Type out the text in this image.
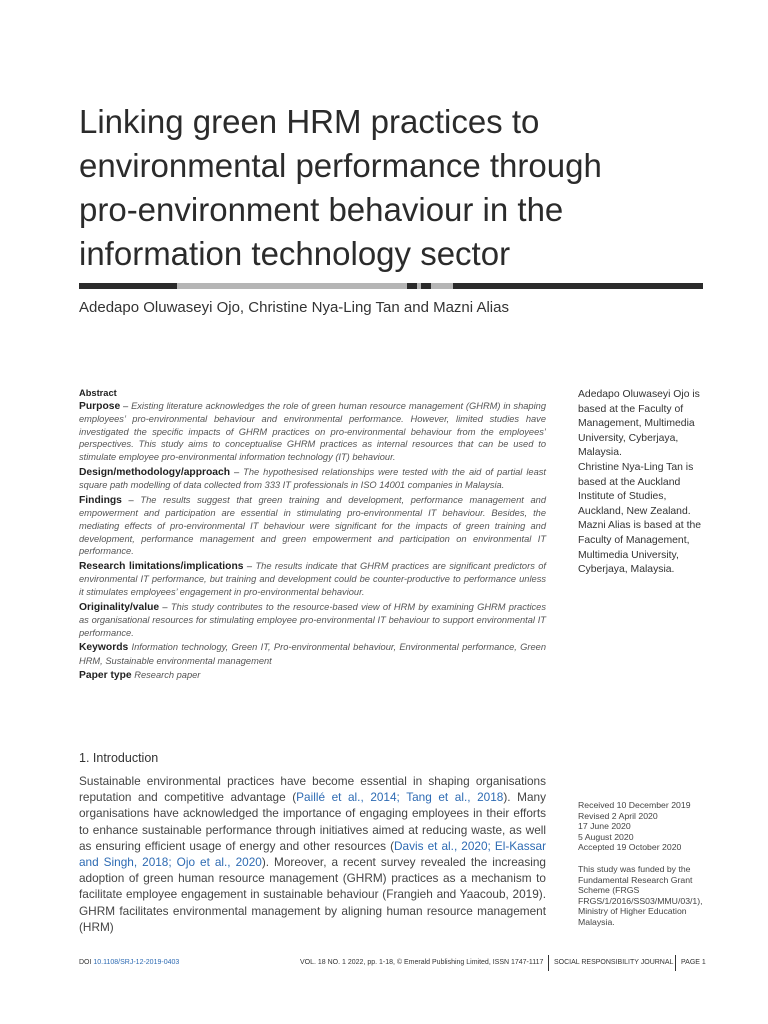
Linking green HRM practices to
environmental performance through
pro-environment behaviour in the
information technology sector
Adedapo Oluwaseyi Ojo, Christine Nya-Ling Tan and Mazni Alias
Abstract

Purpose – Existing literature acknowledges the role of green human resource management (GHRM) in shaping employees’ pro-environmental behaviour and environmental performance. However, limited studies have investigated the specific impacts of GHRM practices on pro-environmental behaviour from the employees’ perspectives. This study aims to conceptualise GHRM practices as internal resources that can be used to stimulate employee pro-environmental information technology (IT) behaviour.

Design/methodology/approach – The hypothesised relationships were tested with the aid of partial least square path modelling of data collected from 333 IT professionals in ISO 14001 companies in Malaysia.

Findings – The results suggest that green training and development, performance management and empowerment and participation are essential in stimulating pro-environmental IT behaviour. Besides, the mediating effects of pro-environmental IT behaviour were significant for the impacts of green training and development, performance management and green empowerment and participation on environmental IT performance.

Research limitations/implications – The results indicate that GHRM practices are significant predictors of environmental IT performance, but training and development could be counter-productive to performance unless it stimulates employees’ engagement in pro-environmental behaviour.

Originality/value – This study contributes to the resource-based view of HRM by examining GHRM practices as organisational resources for stimulating employee pro-environmental IT behaviour to support environmental IT performance.

Keywords Information technology, Green IT, Pro-environmental behaviour, Environmental performance, Green HRM, Sustainable environmental management

Paper type Research paper

Adedapo Oluwaseyi Ojo is based at the Faculty of Management, Multimedia University, Cyberjaya, Malaysia.

Christine Nya-Ling Tan is based at the Auckland Institute of Studies, Auckland, New Zealand.

Mazni Alias is based at the Faculty of Management, Multimedia University, Cyberjaya, Malaysia.

1. Introduction

Sustainable environmental practices have become essential in shaping organisations reputation and competitive advantage (Paillé et al., 2014; Tang et al., 2018). Many organisations have acknowledged the importance of engaging employees in their efforts to enhance sustainable performance through initiatives aimed at reducing waste, as well as ensuring efficient usage of energy and other resources (Davis et al., 2020; El-Kassar and Singh, 2018; Ojo et al., 2020). Moreover, a recent survey revealed the increasing adoption of green human resource management (GHRM) practices as a mechanism to facilitate employee engagement in sustainable behaviour (Frangieh and Yaacoub, 2019). GHRM facilitates environmental management by aligning human resource management (HRM)

Received 10 December 2019

Revised 2 April 2020

17 June 2020

5 August 2020

Accepted 19 October 2020

This study was funded by the Fundamental Research Grant Scheme (FRGS FRGS/1/2016/SS03/MMU/03/1), Ministry of Higher Education Malaysia.

DOI 10.1108/SRJ-12-2019-0403	VOL. 18 NO. 1 2022, pp. 1-18, © Emerald Publishing Limited, ISSN 1747-1117 SOCIAL RESPONSIBILITY JOURNAL PAGE 1
